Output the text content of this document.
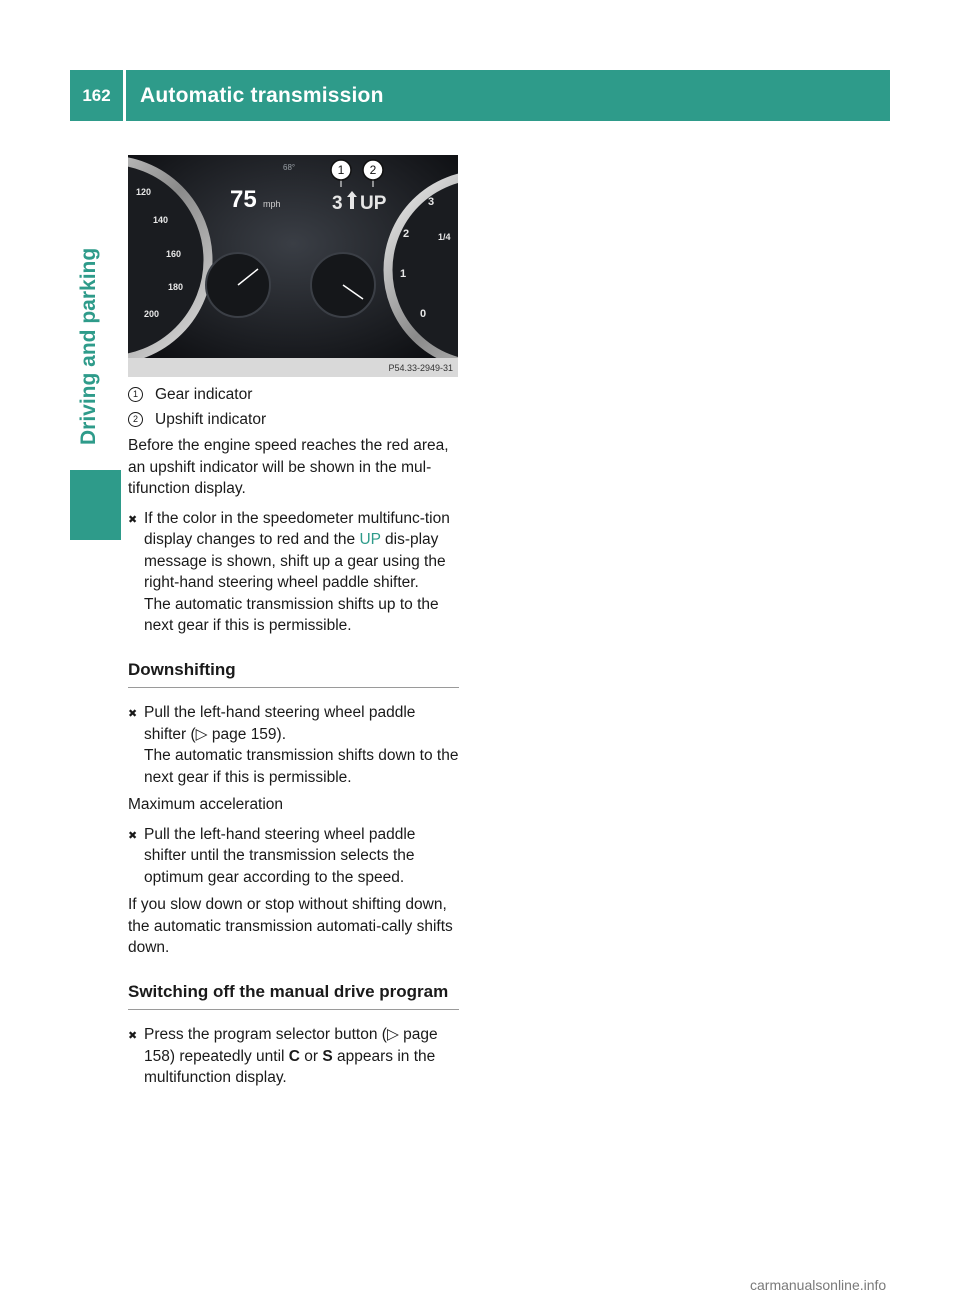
162	Automatic transmission
Driving and parking
120
140
160
180
200
3
2
1
0
1/4
68°
75 mph	3 UP
1 2
P54.33-2949-31
1	Gear indicator
2	Upshift indicator

Before the engine speed reaches the red area, an upshift indicator will be shown in the mul-tifunction display.

✖ If the color in the speedometer multifunc-tion display changes to red and the UP dis-play message is shown, shift up a gear using the right-hand steering wheel paddle shifter.
The automatic transmission shifts up to the next gear if this is permissible.
Downshifting
✖ Pull the left-hand steering wheel paddle shifter (▷ page 159).
The automatic transmission shifts down to the next gear if this is permissible.

Maximum acceleration

✖ Pull the left-hand steering wheel paddle shifter until the transmission selects the optimum gear according to the speed.

If you slow down or stop without shifting down, the automatic transmission automati-cally shifts down.

Switching off the manual drive program
✖ Press the program selector button (▷ page 158) repeatedly until C or S appears in the multifunction display.
carmanualsonline.info
